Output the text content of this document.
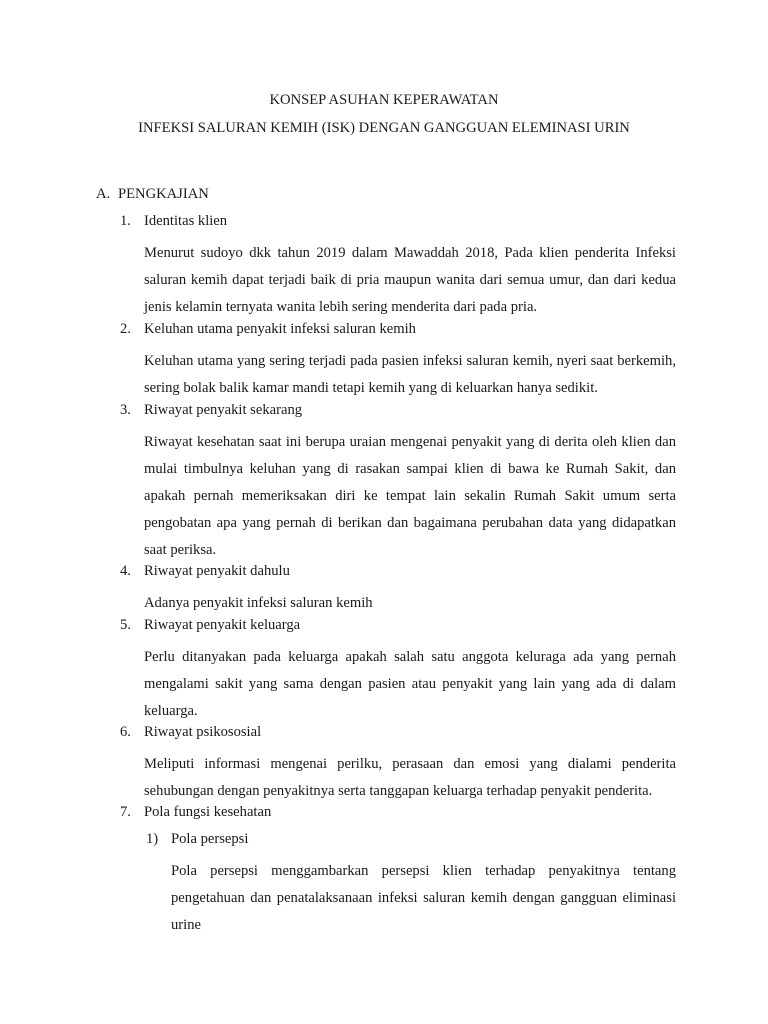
KONSEP ASUHAN KEPERAWATAN
INFEKSI SALURAN KEMIH (ISK) DENGAN GANGGUAN ELEMINASI URIN
A. PENGKAJIAN
1. Identitas klien
Menurut sudoyo dkk tahun 2019 dalam Mawaddah 2018, Pada klien penderita Infeksi saluran kemih dapat terjadi baik di pria maupun wanita dari semua umur, dan dari kedua jenis kelamin ternyata wanita lebih sering menderita dari pada pria.
2. Keluhan utama penyakit infeksi saluran kemih
Keluhan utama yang sering terjadi pada pasien infeksi saluran kemih, nyeri saat berkemih, sering bolak balik kamar mandi tetapi kemih yang di keluarkan hanya sedikit.
3. Riwayat penyakit sekarang
Riwayat kesehatan saat ini berupa uraian mengenai penyakit yang di derita oleh klien dan mulai timbulnya keluhan yang di rasakan sampai klien di bawa ke Rumah Sakit, dan apakah pernah memeriksakan diri ke tempat lain sekalin Rumah Sakit umum serta pengobatan apa yang pernah di berikan dan bagaimana perubahan data yang didapatkan saat periksa.
4. Riwayat penyakit dahulu
Adanya penyakit infeksi saluran kemih
5. Riwayat penyakit keluarga
Perlu ditanyakan pada keluarga apakah salah satu anggota keluraga ada yang pernah mengalami sakit yang sama dengan pasien atau penyakit yang lain yang ada di dalam keluarga.
6. Riwayat psikososial
Meliputi informasi mengenai perilku, perasaan dan emosi yang dialami penderita sehubungan dengan penyakitnya serta tanggapan keluarga terhadap penyakit penderita.
7. Pola fungsi kesehatan
1) Pola persepsi
Pola persepsi menggambarkan persepsi klien terhadap penyakitnya tentang pengetahuan dan penatalaksanaan infeksi saluran kemih dengan gangguan eliminasi urine
